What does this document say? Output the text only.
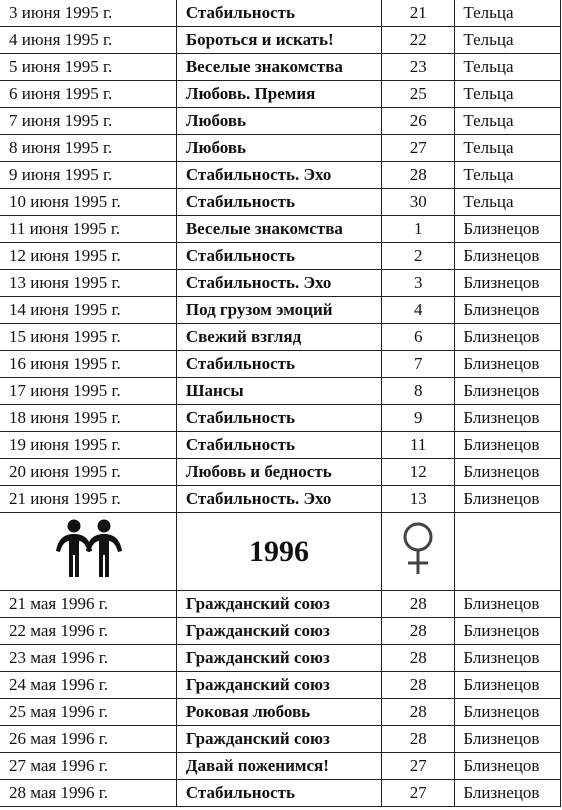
3 июня 1995 г.	Стабильность	21	Тельца
4 июня 1995 г.	Бороться и искать!	22	Тельца
5 июня 1995 г.	Веселые знакомства	23	Тельца
6 июня 1995 г.	Любовь. Премия	25	Тельца
7 июня 1995 г.	Любовь	26	Тельца
8 июня 1995 г.	Любовь	27	Тельца
9 июня 1995 г.	Стабильность. Эхо	28	Тельца
10 июня 1995 г.	Стабильность	30	Тельца
11 июня 1995 г.	Веселые знакомства	1	Близнецов
12 июня 1995 г.	Стабильность	2	Близнецов
13 июня 1995 г.	Стабильность. Эхо	3	Близнецов
14 июня 1995 г.	Под грузом эмоций	4	Близнецов
15 июня 1995 г.	Свежий взгляд	6	Близнецов
16 июня 1995 г.	Стабильность	7	Близнецов
17 июня 1995 г.	Шансы	8	Близнецов
18 июня 1995 г.	Стабильность	9	Близнецов
19 июня 1995 г.	Стабильность	11	Близнецов
20 июня 1995 г.	Любовь и бедность	12	Близнецов
21 июня 1995 г.	Стабильность. Эхо	13	Близнецов
	1996		
21 мая 1996 г.	Гражданский союз	28	Близнецов
22 мая 1996 г.	Гражданский союз	28	Близнецов
23 мая 1996 г.	Гражданский союз	28	Близнецов
24 мая 1996 г.	Гражданский союз	28	Близнецов
25 мая 1996 г.	Роковая любовь	28	Близнецов
26 мая 1996 г.	Гражданский союз	28	Близнецов
27 мая 1996 г.	Давай поженимся!	27	Близнецов
28 мая 1996 г.	Стабильность	27	Близнецов
